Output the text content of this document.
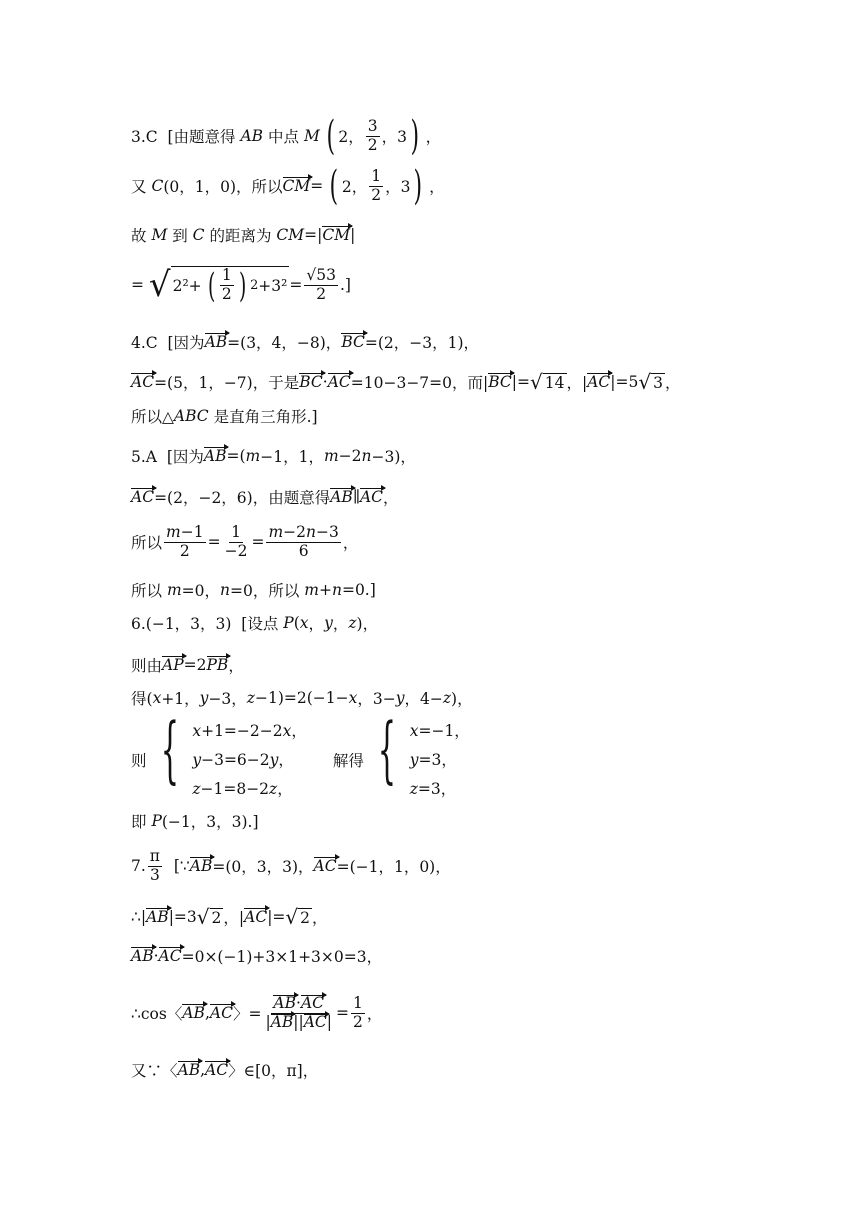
3.C  [由题意得 AB 中点 M ( 2， $\frac{3}{2}$ ，3 ) ，
又 C (0，1，0)，所以 CM = ( 2， $\frac{1}{2}$ ，3 ) ，
故 M 到 C 的距离为 CM =| CM |
= √ 2²+ ( $\frac{1}{2}$ ) $2 +3^2 = \frac{√53}{2}$ .]
4.C  [因为 AB =(3，4，−8)， BC =(2，−3，1)，
AC =(5，1，−7)，于是 BC · AC =10−3−7=0，而| BC |= √ 14 ，| AC |=5 √ 3 ，
所以△ ABC 是直角三角形.]
5.A  [因为 AB =( m −1，1， m −2 n −3)，
AC =(2，−2，6)，由题意得 AB ∥ AC ，
所以 $\frac{m-1}{2} = \frac{1}{-2} = \frac{m-2n-3}{6}$ ，
所以 m =0， n =0，所以 m + n =0.]
6.(−1，3，3)  [设点 P ( x ， y ， z )，
则由 AP =2 PB ，
得( x +1， y −3， z −1)=2(−1− x ，3− y ，4− z )，
则 { x+1=−2−2x，
y−3=6−2y，
z−1=8−2z，
解得 { x=−1，
y=3，
z=3，
即 P (−1，3，3).]
7. $\frac{\pi}{3}$ [∵ AB =(0，3，3)， AC =(−1，1，0)，
∴| AB |=3 √ 2 ，| AC |= √ 2 ，
AB · AC =0×(−1)+3×1+3×0=3，
∴cos〈 AB , AC 〉= $\frac{AB\cdot AC}{|AB||AC|} = \frac{1}{2}$ ，
又∵〈 AB , AC 〉∈[0，π]，
